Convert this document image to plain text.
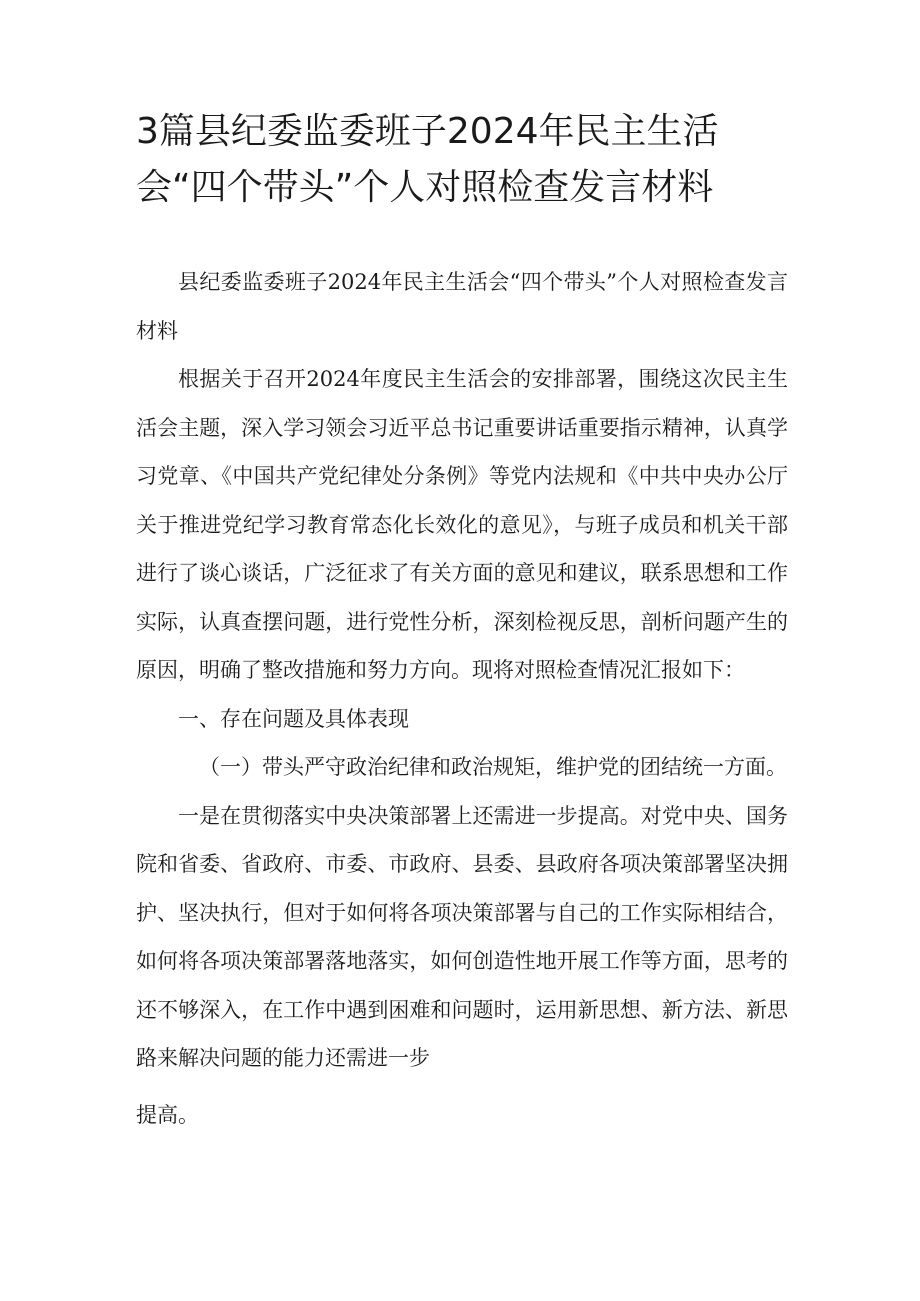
3篇县纪委监委班子2024年民主生活会“四个带头”个人对照检查发言材料

县纪委监委班子2024年民主生活会“四个带头”个人对照检查发言材料

根据关于召开2024年度民主生活会的安排部署，围绕这次民主生活会主题，深入学习领会习近平总书记重要讲话重要指示精神，认真学习党章、《中国共产党纪律处分条例》等党内法规和《中共中央办公厅关于推进党纪学习教育常态化长效化的意见》，与班子成员和机关干部进行了谈心谈话，广泛征求了有关方面的意见和建议，联系思想和工作实际，认真查摆问题，进行党性分析，深刻检视反思，剖析问题产生的原因，明确了整改措施和努力方向。现将对照检查情况汇报如下：

一、存在问题及具体表现

（一）带头严守政治纪律和政治规矩，维护党的团结统一方面。

一是在贯彻落实中央决策部署上还需进一步提高。对党中央、国务院和省委、省政府、市委、市政府、县委、县政府各项决策部署坚决拥护、坚决执行，但对于如何将各项决策部署与自己的工作实际相结合，如何将各项决策部署落地落实，如何创造性地开展工作等方面，思考的还不够深入，在工作中遇到困难和问题时，运用新思想、新方法、新思路来解决问题的能力还需进一步

提高。
